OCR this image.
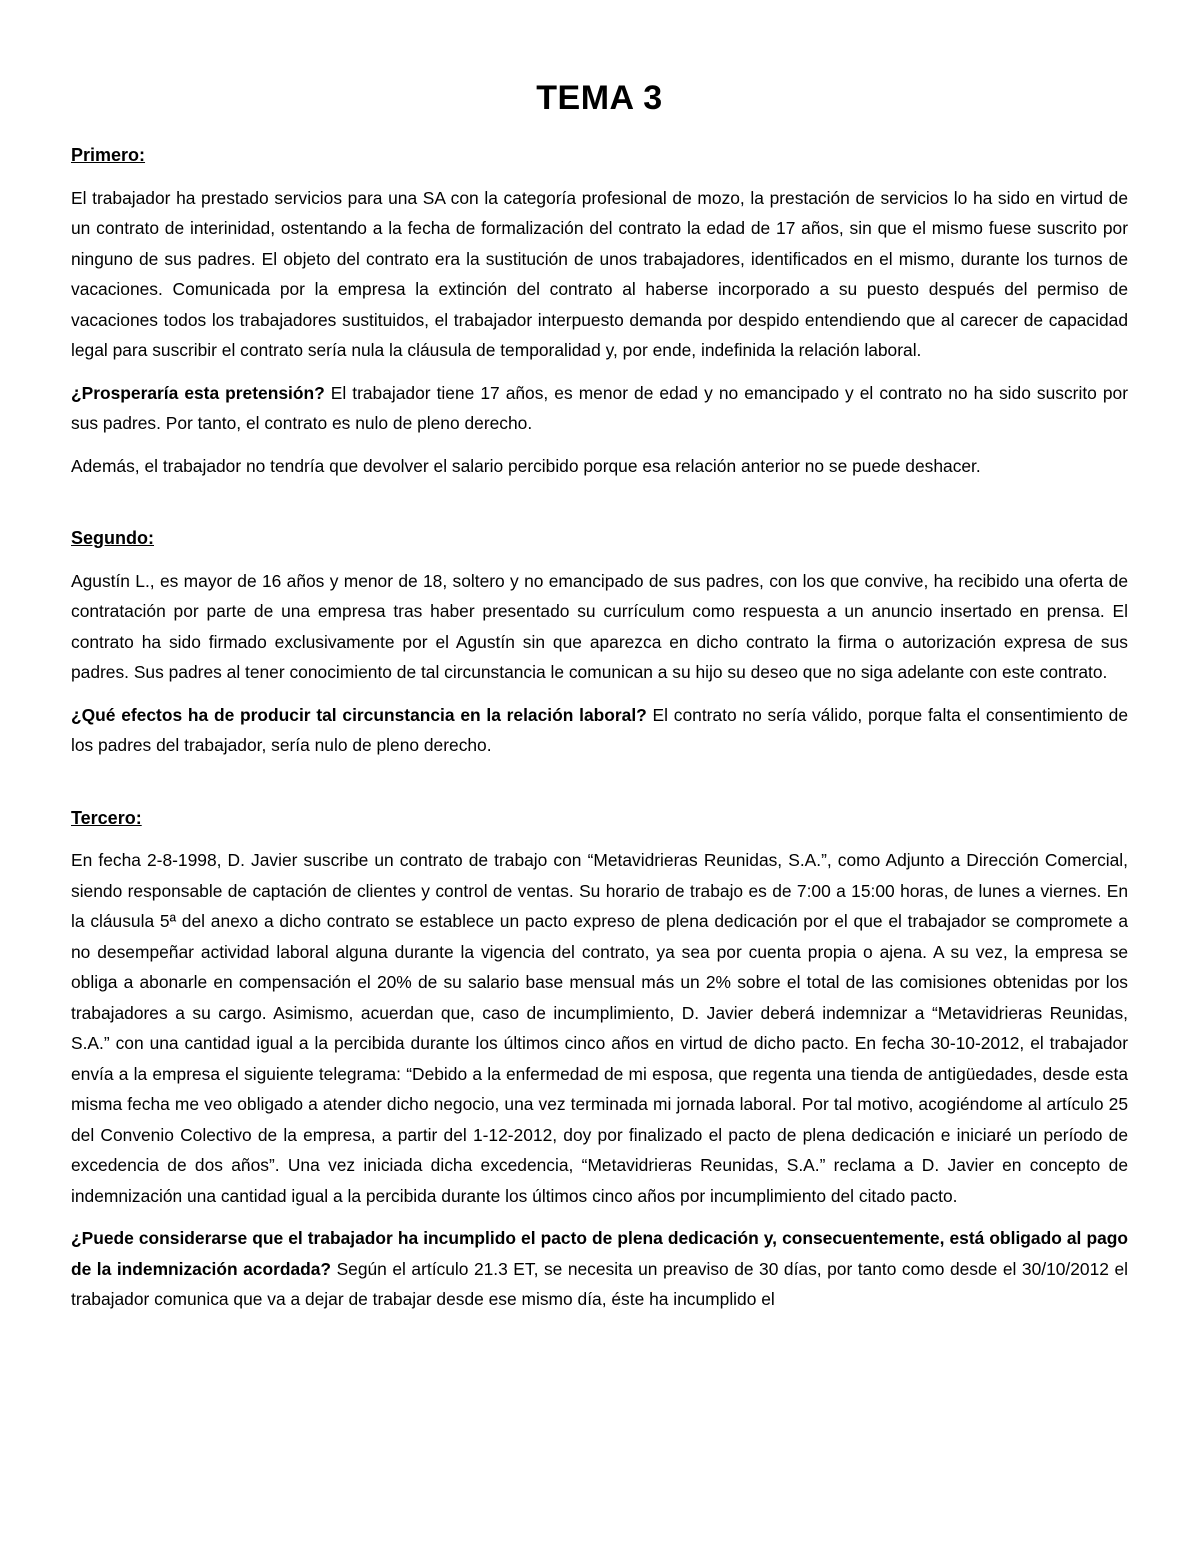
TEMA 3
Primero:

El trabajador ha prestado servicios para una SA con la categoría profesional de mozo, la prestación de servicios lo ha sido en virtud de un contrato de interinidad, ostentando a la fecha de formalización del contrato la edad de 17 años, sin que el mismo fuese suscrito por ninguno de sus padres. El objeto del contrato era la sustitución de unos trabajadores, identificados en el mismo, durante los turnos de vacaciones. Comunicada por la empresa la extinción del contrato al haberse incorporado a su puesto después del permiso de vacaciones todos los trabajadores sustituidos, el trabajador interpuesto demanda por despido entendiendo que al carecer de capacidad legal para suscribir el contrato sería nula la cláusula de temporalidad y, por ende, indefinida la relación laboral.

¿Prosperaría esta pretensión? El trabajador tiene 17 años, es menor de edad y no emancipado y el contrato no ha sido suscrito por sus padres. Por tanto, el contrato es nulo de pleno derecho.

Además, el trabajador no tendría que devolver el salario percibido porque esa relación anterior no se puede deshacer.

Segundo:

Agustín L., es mayor de 16 años y menor de 18, soltero y no emancipado de sus padres, con los que convive, ha recibido una oferta de contratación por parte de una empresa tras haber presentado su currículum como respuesta a un anuncio insertado en prensa. El contrato ha sido firmado exclusivamente por el Agustín sin que aparezca en dicho contrato la firma o autorización expresa de sus padres. Sus padres al tener conocimiento de tal circunstancia le comunican a su hijo su deseo que no siga adelante con este contrato.

¿Qué efectos ha de producir tal circunstancia en la relación laboral? El contrato no sería válido, porque falta el consentimiento de los padres del trabajador, sería nulo de pleno derecho.

Tercero:

En fecha 2-8-1998, D. Javier suscribe un contrato de trabajo con “Metavidrieras Reunidas, S.A.”, como Adjunto a Dirección Comercial, siendo responsable de captación de clientes y control de ventas. Su horario de trabajo es de 7:00 a 15:00 horas, de lunes a viernes. En la cláusula 5ª del anexo a dicho contrato se establece un pacto expreso de plena dedicación por el que el trabajador se compromete a no desempeñar actividad laboral alguna durante la vigencia del contrato, ya sea por cuenta propia o ajena. A su vez, la empresa se obliga a abonarle en compensación el 20% de su salario base mensual más un 2% sobre el total de las comisiones obtenidas por los trabajadores a su cargo. Asimismo, acuerdan que, caso de incumplimiento, D. Javier deberá indemnizar a “Metavidrieras Reunidas, S.A.” con una cantidad igual a la percibida durante los últimos cinco años en virtud de dicho pacto. En fecha 30-10-2012, el trabajador envía a la empresa el siguiente telegrama: “Debido a la enfermedad de mi esposa, que regenta una tienda de antigüedades, desde esta misma fecha me veo obligado a atender dicho negocio, una vez terminada mi jornada laboral. Por tal motivo, acogiéndome al artículo 25 del Convenio Colectivo de la empresa, a partir del 1-12-2012, doy por finalizado el pacto de plena dedicación e iniciaré un período de excedencia de dos años”. Una vez iniciada dicha excedencia, “Metavidrieras Reunidas, S.A.” reclama a D. Javier en concepto de indemnización una cantidad igual a la percibida durante los últimos cinco años por incumplimiento del citado pacto.

¿Puede considerarse que el trabajador ha incumplido el pacto de plena dedicación y, consecuentemente, está obligado al pago de la indemnización acordada? Según el artículo 21.3 ET, se necesita un preaviso de 30 días, por tanto como desde el 30/10/2012 el trabajador comunica que va a dejar de trabajar desde ese mismo día, éste ha incumplido el
